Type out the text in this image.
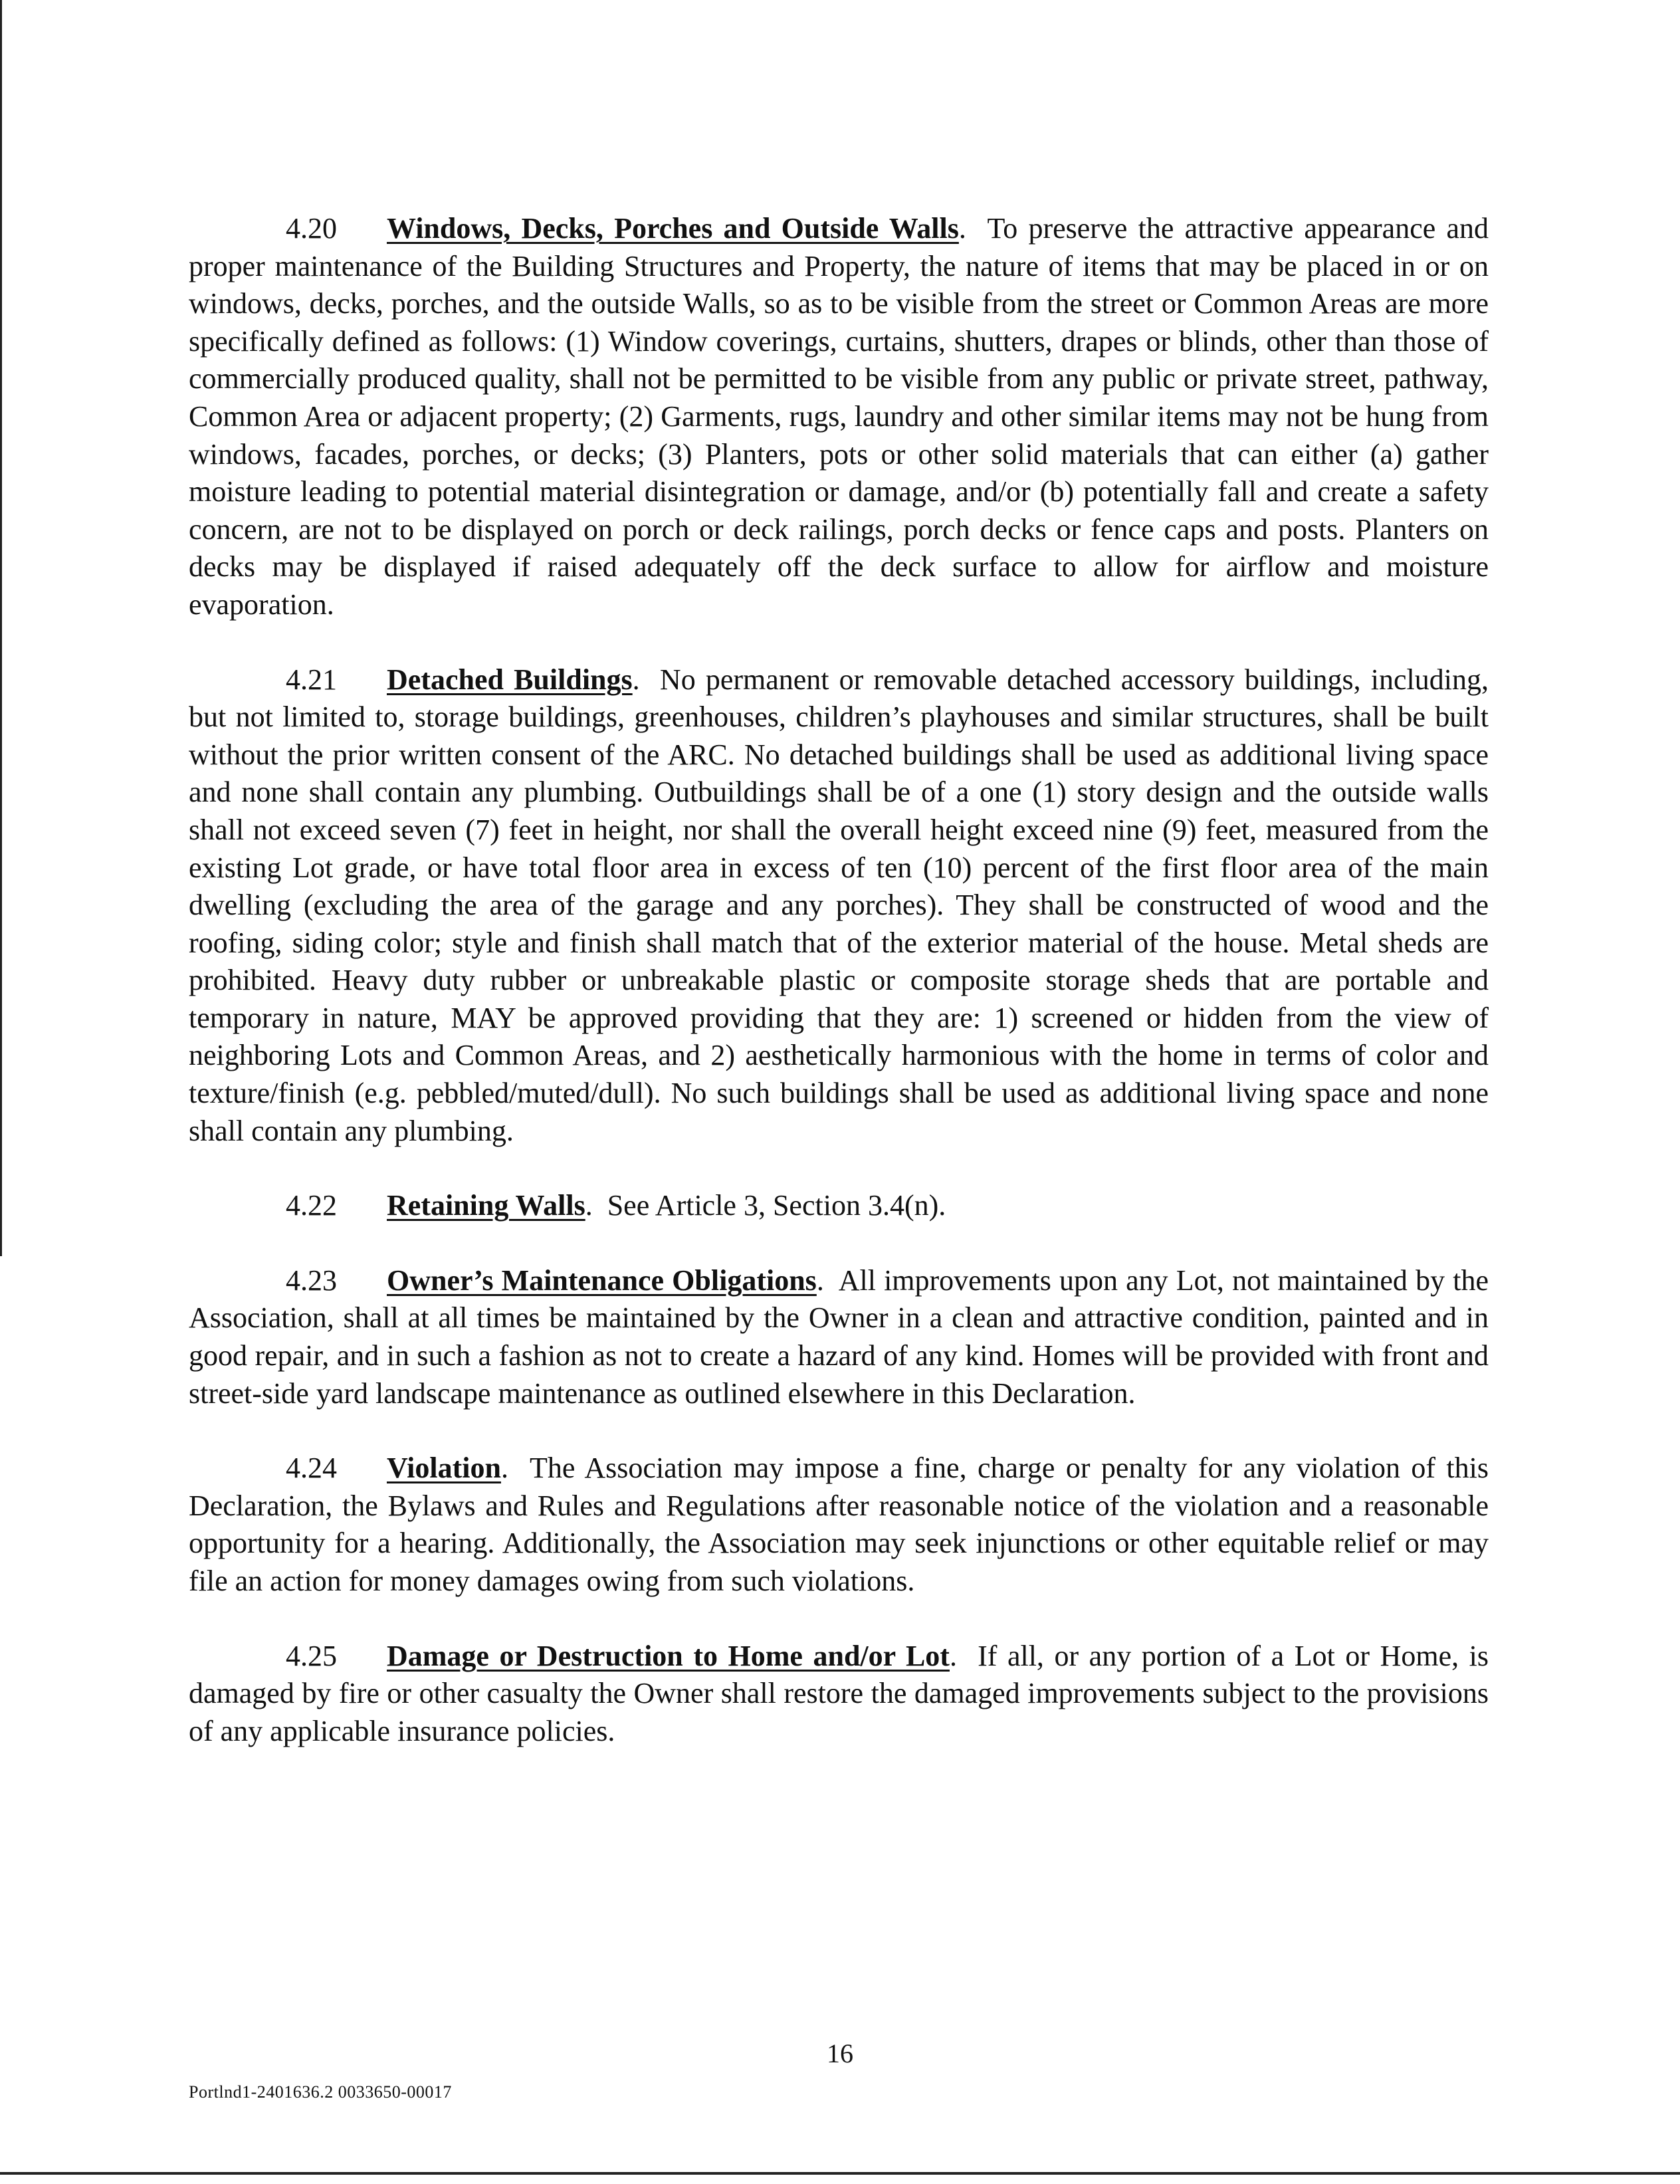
4.20 Windows, Decks, Porches and Outside Walls.  To preserve the attractive appearance and proper maintenance of the Building Structures and Property, the nature of items that may be placed in or on windows, decks, porches, and the outside Walls, so as to be visible from the street or Common Areas are more specifically defined as follows: (1) Window coverings, curtains, shutters, drapes or blinds, other than those of commercially produced quality, shall not be permitted to be visible from any public or private street, pathway, Common Area or adjacent property; (2) Garments, rugs, laundry and other similar items may not be hung from windows, facades, porches, or decks; (3) Planters, pots or other solid materials that can either (a) gather moisture leading to potential material disintegration or damage, and/or (b) potentially fall and create a safety concern, are not to be displayed on porch or deck railings, porch decks or fence caps and posts. Planters on decks may be displayed if raised adequately off the deck surface to allow for airflow and moisture evaporation.

4.21 Detached Buildings.  No permanent or removable detached accessory buildings, including, but not limited to, storage buildings, greenhouses, children’s playhouses and similar structures, shall be built without the prior written consent of the ARC. No detached buildings shall be used as additional living space and none shall contain any plumbing. Outbuildings shall be of a one (1) story design and the outside walls shall not exceed seven (7) feet in height, nor shall the overall height exceed nine (9) feet, measured from the existing Lot grade, or have total floor area in excess of ten (10) percent of the first floor area of the main dwelling (excluding the area of the garage and any porches). They shall be constructed of wood and the roofing, siding color; style and finish shall match that of the exterior material of the house. Metal sheds are prohibited. Heavy duty rubber or unbreakable plastic or composite storage sheds that are portable and temporary in nature, MAY be approved providing that they are: 1) screened or hidden from the view of neighboring Lots and Common Areas, and 2) aesthetically harmonious with the home in terms of color and texture/finish (e.g. pebbled/muted/dull). No such buildings shall be used as additional living space and none shall contain any plumbing.

4.22 Retaining Walls.  See Article 3, Section 3.4(n).

4.23 Owner’s Maintenance Obligations.  All improvements upon any Lot, not maintained by the Association, shall at all times be maintained by the Owner in a clean and attractive condition, painted and in good repair, and in such a fashion as not to create a hazard of any kind. Homes will be provided with front and street-side yard landscape maintenance as outlined elsewhere in this Declaration.

4.24 Violation.  The Association may impose a fine, charge or penalty for any violation of this Declaration, the Bylaws and Rules and Regulations after reasonable notice of the violation and a reasonable opportunity for a hearing. Additionally, the Association may seek injunctions or other equitable relief or may file an action for money damages owing from such violations.

4.25 Damage or Destruction to Home and/or Lot.  If all, or any portion of a Lot or Home, is damaged by fire or other casualty the Owner shall restore the damaged improvements subject to the provisions of any applicable insurance policies.

16
Portlnd1-2401636.2 0033650-00017
